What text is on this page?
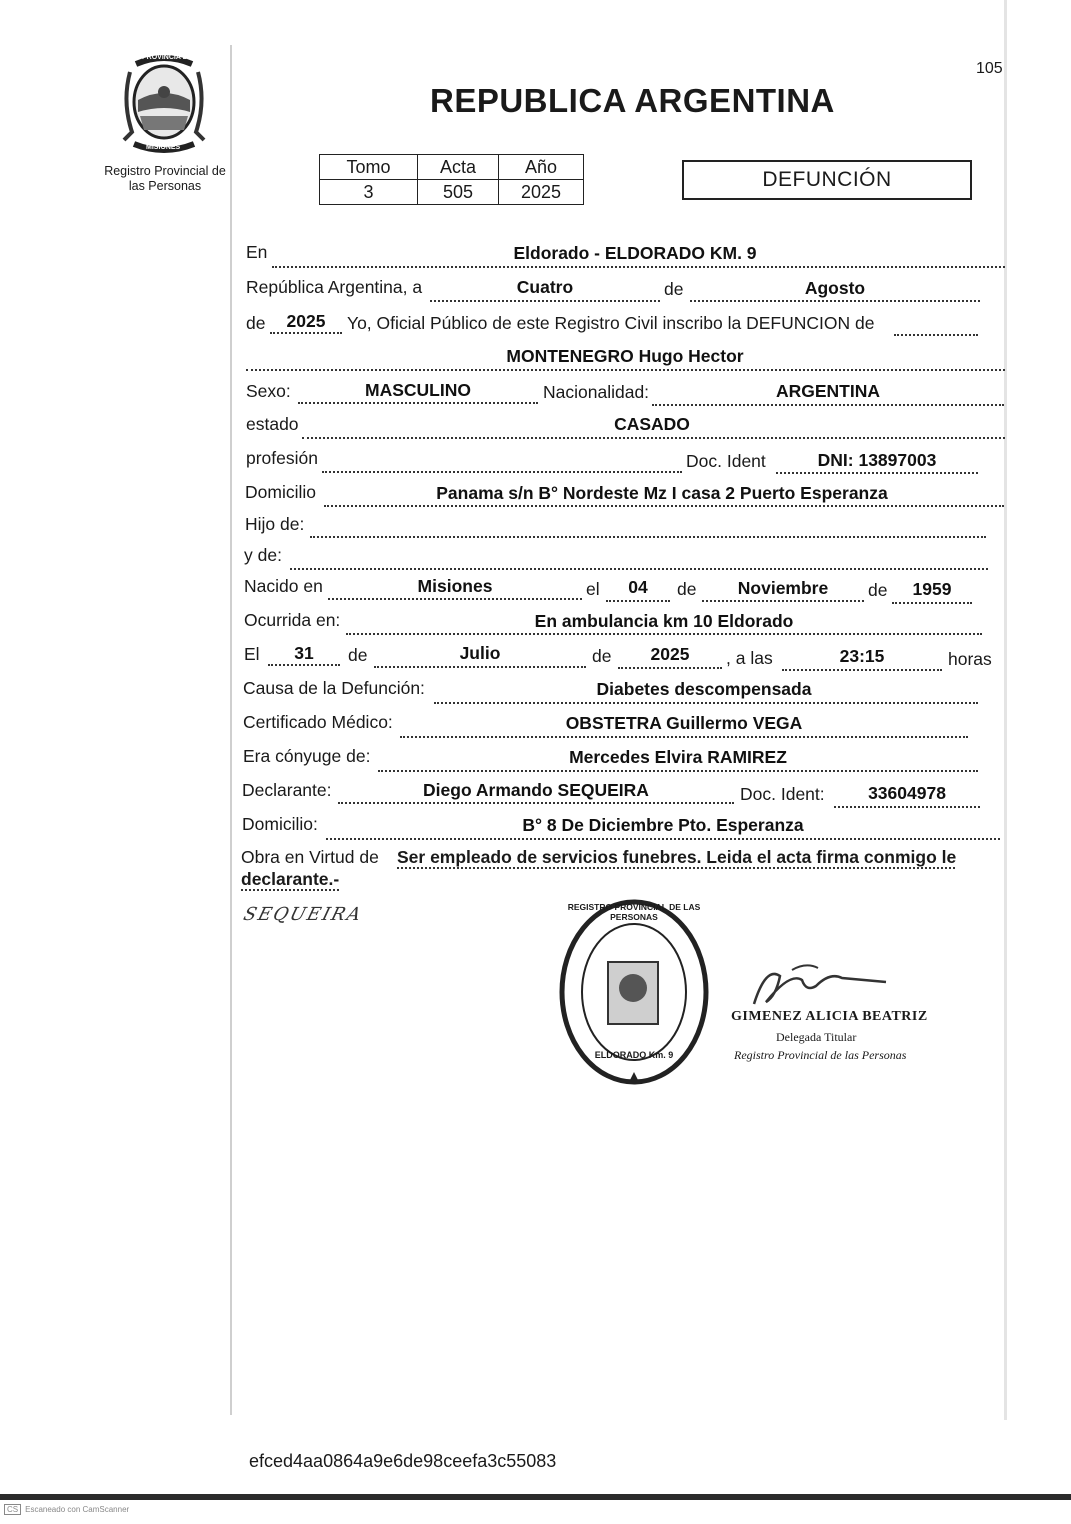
PROVINCIA DE
MISIONES
Registro Provincial de
las Personas
105
REPUBLICA ARGENTINA
Tomo	Acta	Año
3	505	2025
DEFUNCIÓN
En	Eldorado - ELDORADO KM. 9
República Argentina, a	Cuatro	de	Agosto
de	2025	Yo, Oficial Público de este Registro Civil inscribo la DEFUNCION de
MONTENEGRO Hugo Hector
Sexo:	MASCULINO	Nacionalidad:	ARGENTINA
estado	CASADO
profesión	Doc. Ident	DNI: 13897003
Domicilio	Panama s/n B° Nordeste Mz I casa 2 Puerto Esperanza
Hijo de:
y de:
Nacido en	Misiones	el	04	de	Noviembre	de	1959
Ocurrida en:	En ambulancia km 10 Eldorado
El	31	de	Julio	de	2025	, a las	23:15	horas
Causa de la Defunción:	Diabetes descompensada
Certificado Médico:	OBSTETRA Guillermo VEGA
Era cónyuge de:	Mercedes Elvira RAMIREZ
Declarante:	Diego Armando SEQUEIRA	Doc. Ident:	33604978
Domicilio:	B° 8 De Diciembre Pto. Esperanza
Obra en Virtud de Ser empleado de servicios funebres. Leida el acta firma conmigo le
declarante.-
SEQUEIRA	REGISTRO PROVINCIAL DE LAS PERSONAS
ELDORADO Km. 9
GIMENEZ ALICIA BEATRIZ
Delegada Titular
Registro Provincial de las Personas
efced4aa0864a9e6de98ceefa3c55083
CS Escaneado con CamScanner
